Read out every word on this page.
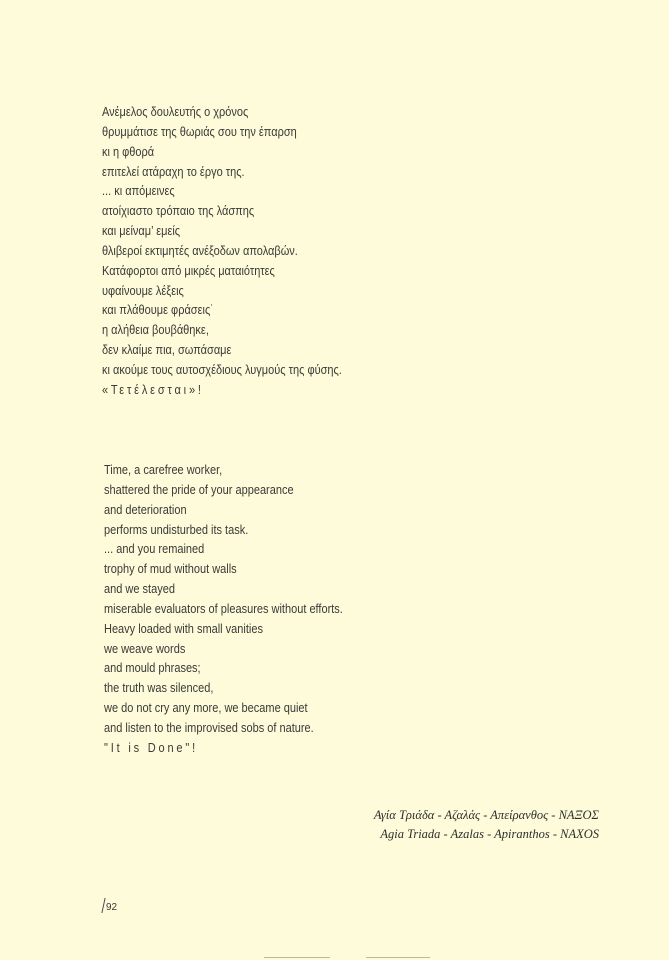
Ανέμελος δουλευτής ο χρόνος
θρυμμάτισε της θωριάς σου την έπαρση
κι η φθορά
επιτελεί ατάραχη το έργο της.
... κι απόμεινες
ατοίχιαστο τρόπαιο της λάσπης
και μείναμ’ εμείς
θλιβεροί εκτιμητές ανέξοδων απολαβών.
Κατάφορτοι από μικρές ματαιότητες
υφαίνουμε λέξεις
και πλάθουμε φράσεις˙
η αλήθεια βουβάθηκε,
δεν κλαίμε πια, σωπάσαμε
κι ακούμε τους αυτοσχέδιους λυγμούς της φύσης.
«Τετέλεσται»!
Time, a carefree worker,
shattered the pride of your appearance
and deterioration
performs undisturbed its task.
... and you remained
trophy of mud without walls
and we stayed
miserable evaluators of pleasures without efforts.
Heavy loaded with small vanities
we weave words
and mould phrases;
the truth was silenced,
we do not cry any more, we became quiet
and listen to the improvised sobs of nature.
"It is Done"!
Αγία Τριάδα - Αζαλάς - Απείρανθος - ΝΑΞΟΣ
Agia Triada - Azalas - Apiranthos - NAXOS
92
